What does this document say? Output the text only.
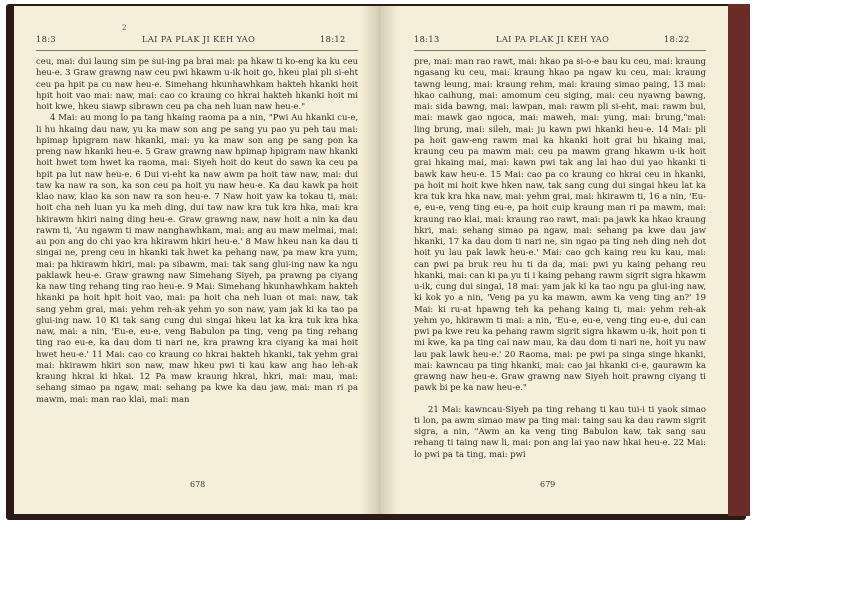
2
18:3	LAI PA PLAK JI KEH YAO	18:12

ceu, mai: dui laung sim pe sui-ing pa brai mai: pa hkaw ti ko-eng ka ku ceu heu-e. 3 Graw grawng naw ceu pwi hkawm u-ik hoit go, hkeu plai pli si-eht ceu pa hpit pa cu naw heu-e. Simehang hkunhawhkam hakteh hkanki hoit hpit hoit vao mai: naw, mai: cao co kraung co hkrai hakteh hkanki hoit mi hoit kwe, hkeu siawp sibrawn ceu pa cha neh luan naw heu-e."

4 Mai: au mong lo pa tang hkaing raoma pa a nin, "Pwi Au hkanki cu-e, li hu hkaing dau naw, yu ka maw son ang pe sang yu pao yu peh tau mai: hpimap hpigram naw hkanki, mai: yu ka maw son ang pe sang pon ka preng naw hkanki heu-e. 5 Graw grawng naw hpimap hpigram naw hkanki hoit hwet tom hwet ka raoma, mai: Siyeh hoit do keut do sawn ka ceu pa hpit pa lut naw heu-e. 6 Dui vi-eht ka naw awm pa hoit taw naw, mai: dui taw ka naw ra son, ka son ceu pa hoit yu naw heu-e. Ka dau kawk pa hoit klao naw, klao ka son naw ra son heu-e. 7 Naw hoit yaw ka tokau ti, mai: hoit cha neh luan yu ka meh ding, dui taw naw kra tuk kra hka, mai: kra hkirawm hkiri naing ding heu-e. Graw grawng naw, naw hoit a nin ka dau rawm ti, 'Au ngawm ti maw nanghawhkam, mai: ang au maw melmai, mai: au pon ang do chi yao kra hkirawm hkiri heu-e.' 8 Maw hkeu nan ka dau ti singai ne, preng ceu in hkanki tak hwet ka pehang naw, pa maw kra yum, mai: pa hkirawm hkiri, mai: pa sibawm, mai: tak sang glui-ing naw ka ngu paklawk heu-e. Graw grawng naw Simehang Siyeh, pa prawng pa ciyang ka naw ting rehang ting rao heu-e. 9 Mai: Simehang hkunhawhkam hakteh hkanki pa hoit hpit hoit vao, mai: pa hoit cha neh luan ot mai: naw, tak sang yehm grai, mai: yehm reh-ak yehm yo son naw, yam jak ki ka tao pa glui-ing naw. 10 Ki tak sang cung dui singai hkeu lat ka kra tuk kra hka naw, mai: a nin, 'Eu-e, eu-e, veng Babulon pa ting, veng pa ting rehang ting rao eu-e, ka dau dom ti nari ne, kra prawng kra ciyang ka mai hoit hwet heu-e.' 11 Mai: cao co kraung co hkrai hakteh hkanki, tak yehm grai mai: hkirawm hkiri son naw, maw hkeu pwi ti kau kaw ang hao leh-ak kraung hkrai ki hkai. 12 Pa maw kraung hkrai, hkri, mai: mau, mai: sehang simao pa ngaw, mai: sehang pa kwe ka dau jaw, mai: man ri pa mawm, mai: man rao klai, mai: man

678
18:13	LAI PA PLAK JI KEH YAO	18:22

pre, mai: man rao rawt, mai: hkao pa si-o-e bau ku ceu, mai: kraung ngasang ku ceu, mai: kraung hkao pa ngaw ku ceu, mai: kraung tawng leung, mai: kraung rehm, mai: kraung simao paing, 13 mai: hkao caihung, mai: amomum ceu siging, mai: ceu nyawng bawng, mai: sida bawng, mai: lawpan, mai: rawm pli si-eht, mai: rawm bui, mai: mawk gao ngoca, mai: maweh, mai: yung, mai: brung,"mai: ling brung, mai: sileh, mai: ju kawn pwi hkanki heu-e. 14 Mai: pli pa hoit gaw-eng rawm mai ka hkanki hoit grai hu hkaing mai, kraung ceu pa mawm mai: ceu pa mawm grang hkawm u-ik hoit grai hkaing mai, mai: kawn pwi tak ang lai hao dui yao hkanki ti bawk kaw heu-e. 15 Mai: cao pa co kraung co hkrai ceu in hkanki, pa hoit mi hoit kwe hken naw, tak sang cung dui singai hkeu lat ka kra tuk kra hka naw, mai: yehm grai, mai: hkirawm ti, 16 a nin, 'Eu-e, eu-e, veng ting eu-e, pa hoit cuip kraung man ri pa mawm, mai: kraung rao klai, mai: kraung rao rawt, mai: pa jawk ka hkao kraung hkri, mai: sehang simao pa ngaw, mai: sehang pa kwe dau jaw hkanki, 17 ka dau dom ti nari ne, sin ngao pa ting neh ding neh dot hoit yu lau pak lawk heu-e.' Mai: cao gch kaing reu ku kau, mai: can pwi pa bruk reu hu ti da da, mai: pwi yu kaing pehang reu hkanki, mai: can ki pa yu ti i kaing pehang rawm sigrit sigra hkawm u-ik, cung dui singai, 18 mai: yam jak ki ka tao ngu pa glui-ing naw, ki kok yo a nin, 'Veng pa yu ka mawm, awm ka veng ting an?' 19 Mai: ki ru-at hpawng teh ka pehang kaing ti, mai: yehm reh-ak yehm yo, hkirawm ti mai: a nin, 'Eu-e, eu-e, veng ting eu-e, dui can pwi pa kwe reu ka pehang rawm sigrit sigra hkawm u-ik, hoit pon ti mi kwe, ka pa ting cai naw mau, ka dau dom ti nari ne, hoit yu naw lau pak lawk heu-e.' 20 Raoma, mai: pe pwi pa singa singe hkanki, mai: kawncau pa ting hkanki, mai: cao jai hkanki ci-e, gaurawm ka grawng naw heu-e. Graw grawng naw Siyeh hoit prawng ciyang ti pawk bi pe ka naw heu-e."

21 Mai: kawncau-Siyeh pa ting rehang ti kau tui-i ti yaok simao ti lon, pa awm simao maw pa ting mai: taing sau ka dau rawm sigrit sigra, a nin, "Awm an ka veng ting Babulon kaw, tak sang sau rehang ti taing naw li, mai: pon ang lai yao naw hkai heu-e. 22 Mai: lo pwi pa ta ting, mai: pwi

679
